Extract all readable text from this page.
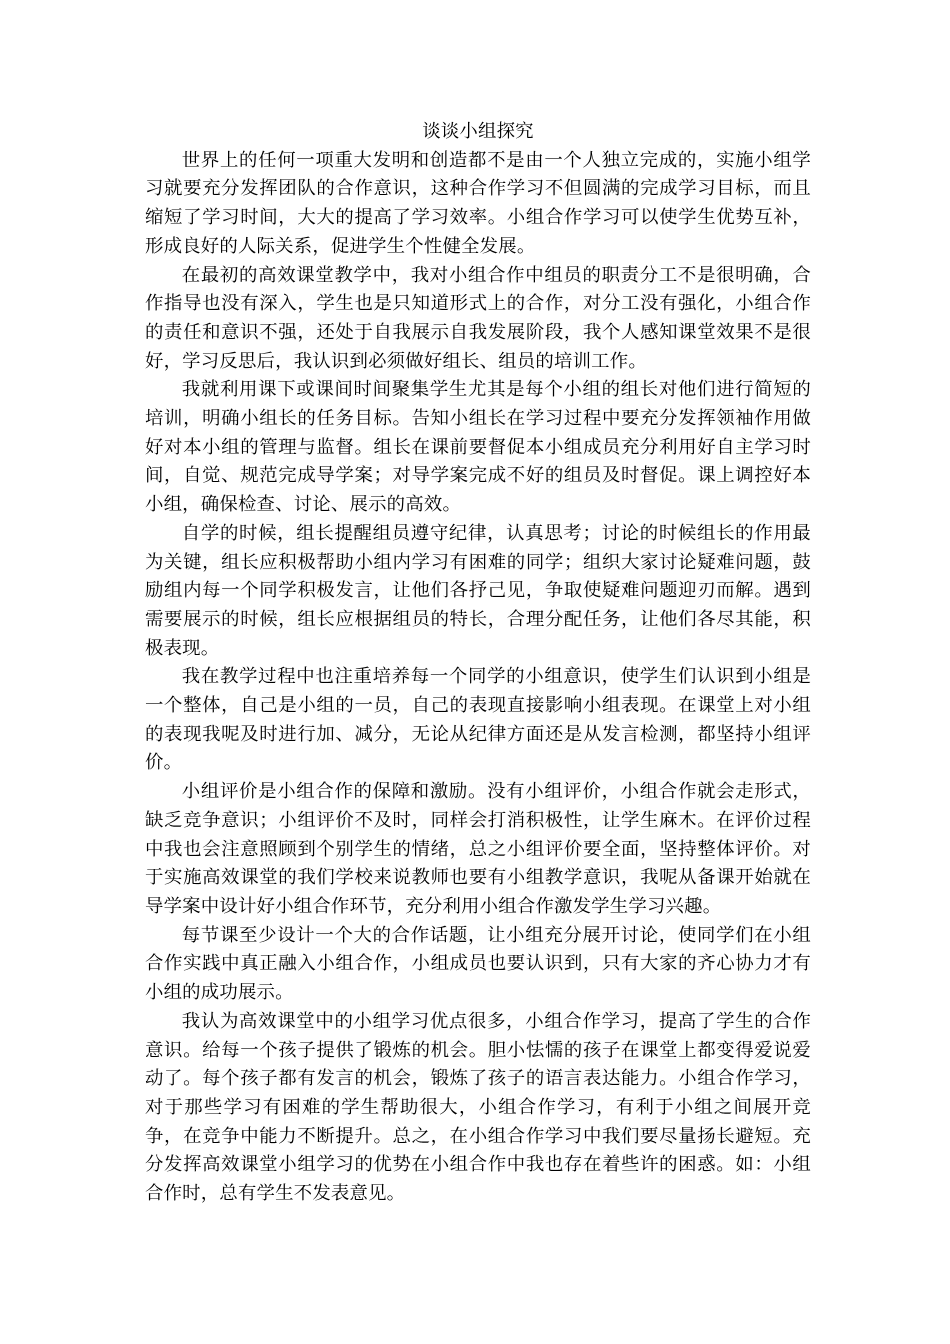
谈谈小组探究

世界上的任何一项重大发明和创造都不是由一个人独立完成的，实施小组学习就要充分发挥团队的合作意识，这种合作学习不但圆满的完成学习目标，而且缩短了学习时间，大大的提高了学习效率。小组合作学习可以使学生优势互补，形成良好的人际关系，促进学生个性健全发展。

在最初的高效课堂教学中，我对小组合作中组员的职责分工不是很明确，合作指导也没有深入，学生也是只知道形式上的合作，对分工没有强化，小组合作的责任和意识不强，还处于自我展示自我发展阶段，我个人感知课堂效果不是很好，学习反思后，我认识到必须做好组长、组员的培训工作。

我就利用课下或课间时间聚集学生尤其是每个小组的组长对他们进行简短的培训，明确小组长的任务目标。告知小组长在学习过程中要充分发挥领袖作用做好对本小组的管理与监督。组长在课前要督促本小组成员充分利用好自主学习时间，自觉、规范完成导学案；对导学案完成不好的组员及时督促。课上调控好本小组，确保检查、讨论、展示的高效。

自学的时候，组长提醒组员遵守纪律，认真思考；讨论的时候组长的作用最为关键，组长应积极帮助小组内学习有困难的同学；组织大家讨论疑难问题，鼓励组内每一个同学积极发言，让他们各抒己见，争取使疑难问题迎刃而解。遇到需要展示的时候，组长应根据组员的特长，合理分配任务，让他们各尽其能，积极表现。

我在教学过程中也注重培养每一个同学的小组意识，使学生们认识到小组是一个整体，自己是小组的一员，自己的表现直接影响小组表现。在课堂上对小组的表现我呢及时进行加、减分，无论从纪律方面还是从发言检测，都坚持小组评价。

小组评价是小组合作的保障和激励。没有小组评价，小组合作就会走形式，缺乏竞争意识；小组评价不及时，同样会打消积极性，让学生麻木。在评价过程中我也会注意照顾到个别学生的情绪，总之小组评价要全面，坚持整体评价。对于实施高效课堂的我们学校来说教师也要有小组教学意识，我呢从备课开始就在导学案中设计好小组合作环节，充分利用小组合作激发学生学习兴趣。

每节课至少设计一个大的合作话题，让小组充分展开讨论，使同学们在小组合作实践中真正融入小组合作，小组成员也要认识到，只有大家的齐心协力才有小组的成功展示。

我认为高效课堂中的小组学习优点很多，小组合作学习，提高了学生的合作意识。给每一个孩子提供了锻炼的机会。胆小怯懦的孩子在课堂上都变得爱说爱动了。每个孩子都有发言的机会，锻炼了孩子的语言表达能力。小组合作学习，对于那些学习有困难的学生帮助很大，小组合作学习，有利于小组之间展开竞争，在竞争中能力不断提升。总之，在小组合作学习中我们要尽量扬长避短。充分发挥高效课堂小组学习的优势在小组合作中我也存在着些许的困惑。如：小组合作时，总有学生不发表意见。
